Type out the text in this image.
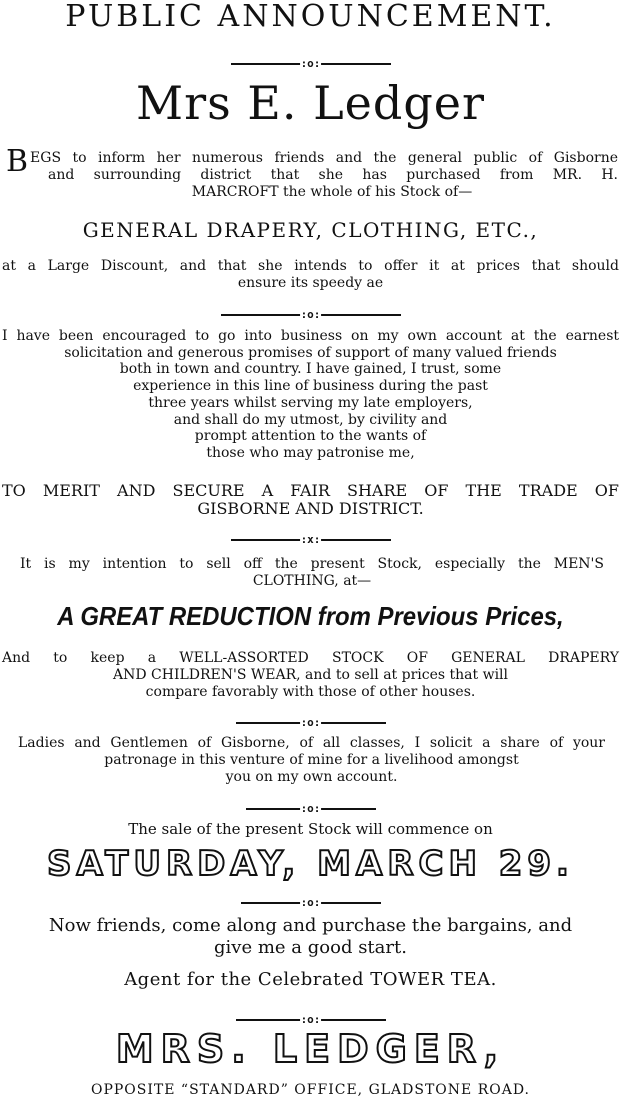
PUBLIC ANNOUNCEMENT.
:o:
Mrs E. Ledger
B EGS to inform her numerous friends and the general public of Gisborne
and surrounding district that she has purchased from MR. H.
MARCROFT the whole of his Stock of—
GENERAL DRAPERY, CLOTHING, ETC.,
at a Large Discount, and that she intends to offer it at prices that should
ensure its speedy ae
:o:
I have been encouraged to go into business on my own account at the earnest
solicitation and generous promises of support of many valued friends
both in town and country. I have gained, I trust, some
experience in this line of business during the past
three years whilst serving my late employers,
and shall do my utmost, by civility and
prompt attention to the wants of
those who may patronise me,
TO MERIT AND SECURE A FAIR SHARE OF THE TRADE OF
GISBORNE AND DISTRICT.
:x:
It is my intention to sell off the present Stock, especially the MEN'S
CLOTHING, at—
A GREAT REDUCTION from Previous Prices,
And to keep a WELL-ASSORTED STOCK OF GENERAL DRAPERY
AND CHILDREN'S WEAR, and to sell at prices that will
compare favorably with those of other houses.
:o:
Ladies and Gentlemen of Gisborne, of all classes, I solicit a share of your
patronage in this venture of mine for a livelihood amongst
you on my own account.
:o:
The sale of the present Stock will commence on
SATURDAY, MARCH 29.
:o:
Now friends, come along and purchase the bargains, and
give me a good start.
Agent for the Celebrated TOWER TEA.
:o:
MRS. LEDGER,
OPPOSITE “STANDARD” OFFICE, GLADSTONE ROAD.
